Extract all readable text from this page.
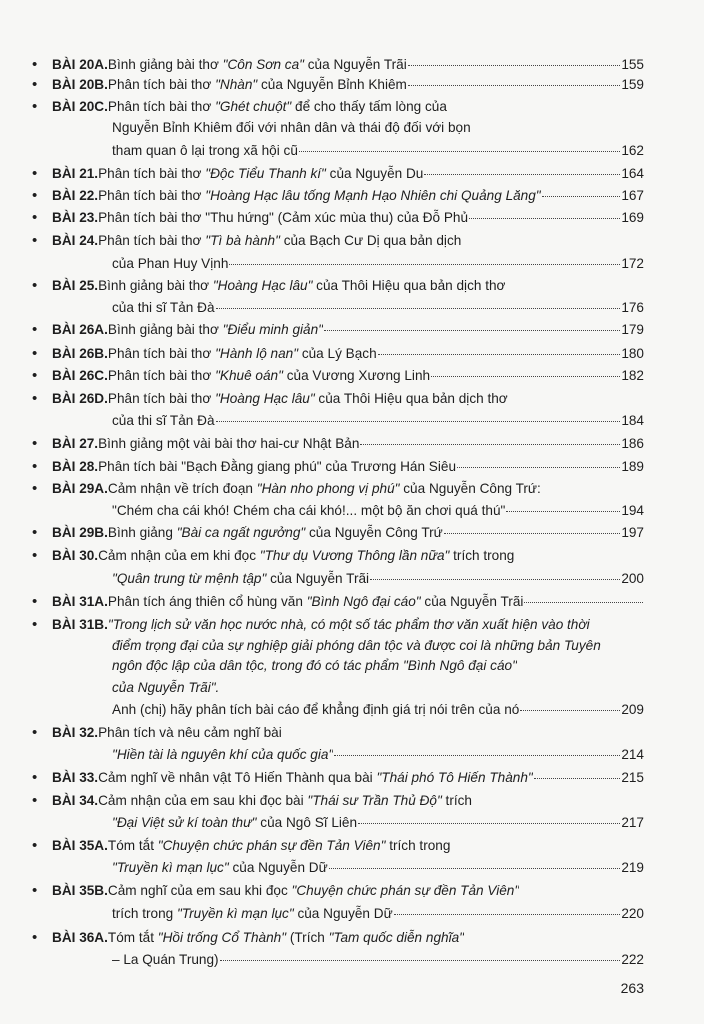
• BÀI 20A. Bình giảng bài thơ "Côn Sơn ca" của Nguyễn Trãi	155
• BÀI 20B. Phân tích bài thơ "Nhàn" của Nguyễn Bỉnh Khiêm	159
• BÀI 20C. Phân tích bài thơ "Ghét chuột" để cho thấy tấm lòng của
Nguyễn Bỉnh Khiêm đối với nhân dân và thái độ đối với bọn
tham quan ô lại trong xã hội cũ	162
• BÀI 21. Phân tích bài thơ "Độc Tiểu Thanh kí" của Nguyễn Du	164
• BÀI 22. Phân tích bài thơ "Hoàng Hạc lâu tống Mạnh Hạo Nhiên chi Quảng Lăng"	167
• BÀI 23. Phân tích bài thơ "Thu hứng" (Cảm xúc mùa thu) của Đỗ Phủ	169
• BÀI 24. Phân tích bài thơ "Tì bà hành" của Bạch Cư Dị qua bản dịch
của Phan Huy Vịnh	172
• BÀI 25. Bình giảng bài thơ "Hoàng Hạc lâu" của Thôi Hiệu qua bản dịch thơ
của thi sĩ Tản Đà	176
• BÀI 26A. Bình giảng bài thơ "Điểu minh giản"	179
• BÀI 26B. Phân tích bài thơ "Hành lộ nan" của Lý Bạch	180
• BÀI 26C. Phân tích bài thơ "Khuê oán" của Vương Xương Linh	182
• BÀI 26D. Phân tích bài thơ "Hoàng Hạc lâu" của Thôi Hiệu qua bản dịch thơ
của thi sĩ Tản Đà	184
• BÀI 27. Bình giảng một vài bài thơ hai-cư Nhật Bản	186
• BÀI 28. Phân tích bài "Bạch Đằng giang phú" của Trương Hán Siêu	189
• BÀI 29A. Cảm nhận về trích đoạn "Hàn nho phong vị phú" của Nguyễn Công Trứ:
"Chém cha cái khó! Chém cha cái khó!... một bộ ăn chơi quá thú"	194
• BÀI 29B. Bình giảng "Bài ca ngất ngưởng" của Nguyễn Công Trứ	197
• BÀI 30. Cảm nhận của em khi đọc "Thư dụ Vương Thông lần nữa" trích trong
"Quân trung từ mệnh tập" của Nguyễn Trãi	200
• BÀI 31A. Phân tích áng thiên cổ hùng văn "Bình Ngô đại cáo" của Nguyễn Trãi
• BÀI 31B. "Trong lịch sử văn học nước nhà, có một số tác phẩm thơ văn xuất hiện vào thời
điểm trọng đại của sự nghiệp giải phóng dân tộc và được coi là những bản Tuyên
ngôn độc lập của dân tộc, trong đó có tác phẩm "Bình Ngô đại cáo"
của Nguyễn Trãi".
Anh (chị) hãy phân tích bài cáo để khẳng định giá trị nói trên của nó	209
• BÀI 32. Phân tích và nêu cảm nghĩ bài
"Hiền tài là nguyên khí của quốc gia"	214
• BÀI 33. Cảm nghĩ về nhân vật Tô Hiến Thành qua bài "Thái phó Tô Hiến Thành"	215
• BÀI 34. Cảm nhận của em sau khi đọc bài "Thái sư Trần Thủ Độ" trích
"Đại Việt sử kí toàn thư" của Ngô Sĩ Liên	217
• BÀI 35A. Tóm tắt "Chuyện chức phán sự đền Tản Viên" trích trong
"Truyền kì mạn lục" của Nguyễn Dữ	219
• BÀI 35B. Cảm nghĩ của em sau khi đọc "Chuyện chức phán sự đền Tản Viên"
trích trong "Truyền kì mạn lục" của Nguyễn Dữ	220
• BÀI 36A. Tóm tắt "Hồi trống Cổ Thành" (Trích "Tam quốc diễn nghĩa"
– La Quán Trung)	222
263
